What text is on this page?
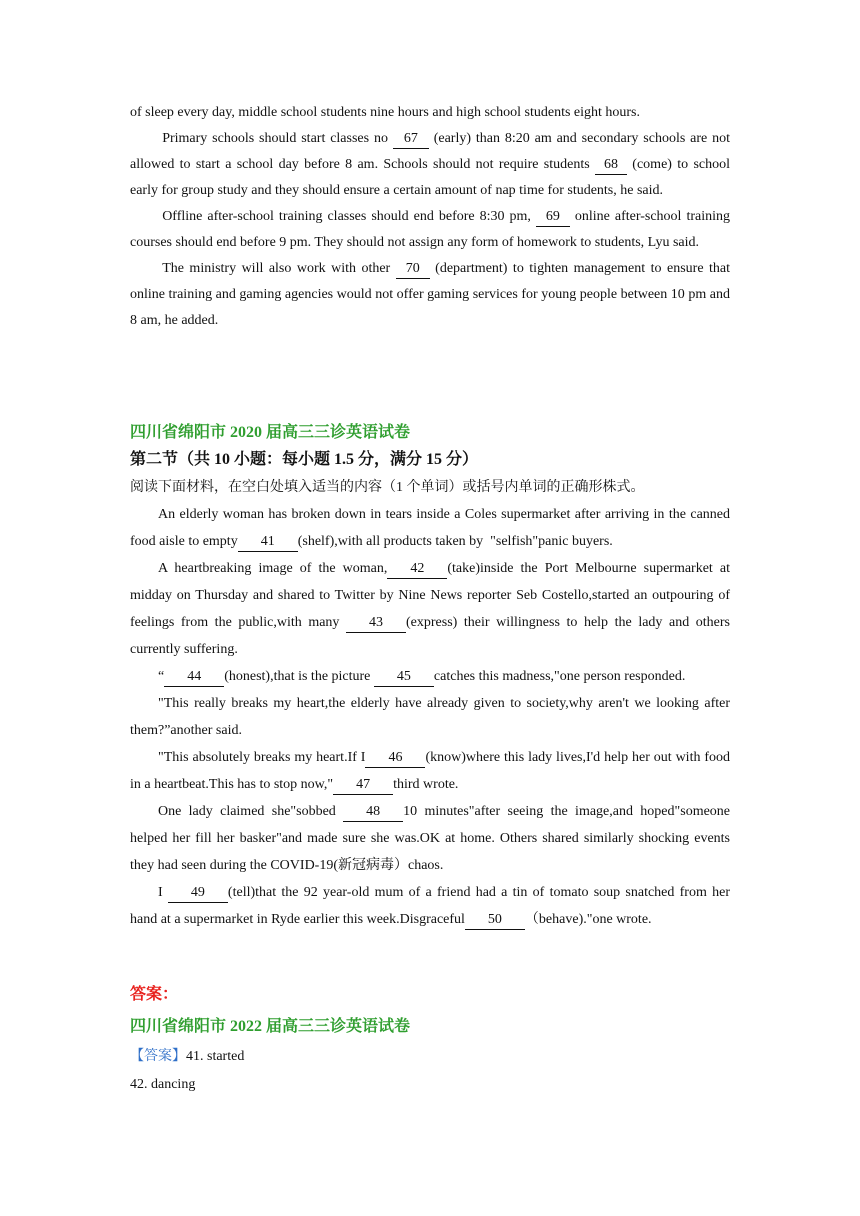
of sleep every day, middle school students nine hours and high school students eight hours.

Primary schools should start classes no 67 (early) than 8:20 am and secondary schools are not allowed to start a school day before 8 am. Schools should not require students 68 (come) to school early for group study and they should ensure a certain amount of nap time for students, he said.

Offline after-school training classes should end before 8:30 pm, 69 online after-school training courses should end before 9 pm. They should not assign any form of homework to students, Lyu said.

The ministry will also work with other 70 (department) to tighten management to ensure that online training and gaming agencies would not offer gaming services for young people between 10 pm and 8 am, he added.

四川省绵阳市 2020 届高三三诊英语试卷

第二节（共 10 小题：每小题 1.5 分，满分 15 分）

阅读下面材料，在空白处填入适当的内容（1 个单词）或括号内单词的正确形株式。

An elderly woman has broken down in tears inside a Coles supermarket after arriving in the canned food aisle to empty 41 (shelf),with all products taken by  "selfish"panic buyers.

A heartbreaking image of the woman, 42 (take)inside the Port Melbourne supermarket at midday on Thursday and shared to Twitter by Nine News reporter Seb Costello,started an outpouring of feelings from the public,with many 43 (express) their willingness to help the lady and others currently suffering.

“ 44 (honest),that is the picture 45 catches this madness,"one person responded.

"This really breaks my heart,the elderly have already given to society,why aren't we looking after them?”another said.

"This absolutely breaks my heart.If I 46 (know)where this lady lives,I'd help her out with food in a heartbeat.This has to stop now," 47 third wrote.

One lady claimed she"sobbed 48 10 minutes"after seeing the image,and hoped"someone helped her fill her basker"and made sure she was.OK at home. Others shared similarly shocking events they had seen during the COVID-19(新冠病毒）chaos.

I 49 (tell)that the 92 year-old mum of a friend had a tin of tomato soup snatched from her hand at a supermarket in Ryde earlier this week.Disgraceful 50 （behave)."one wrote.

答案：

四川省绵阳市 2022 届高三三诊英语试卷

【答案】41. started

42. dancing
